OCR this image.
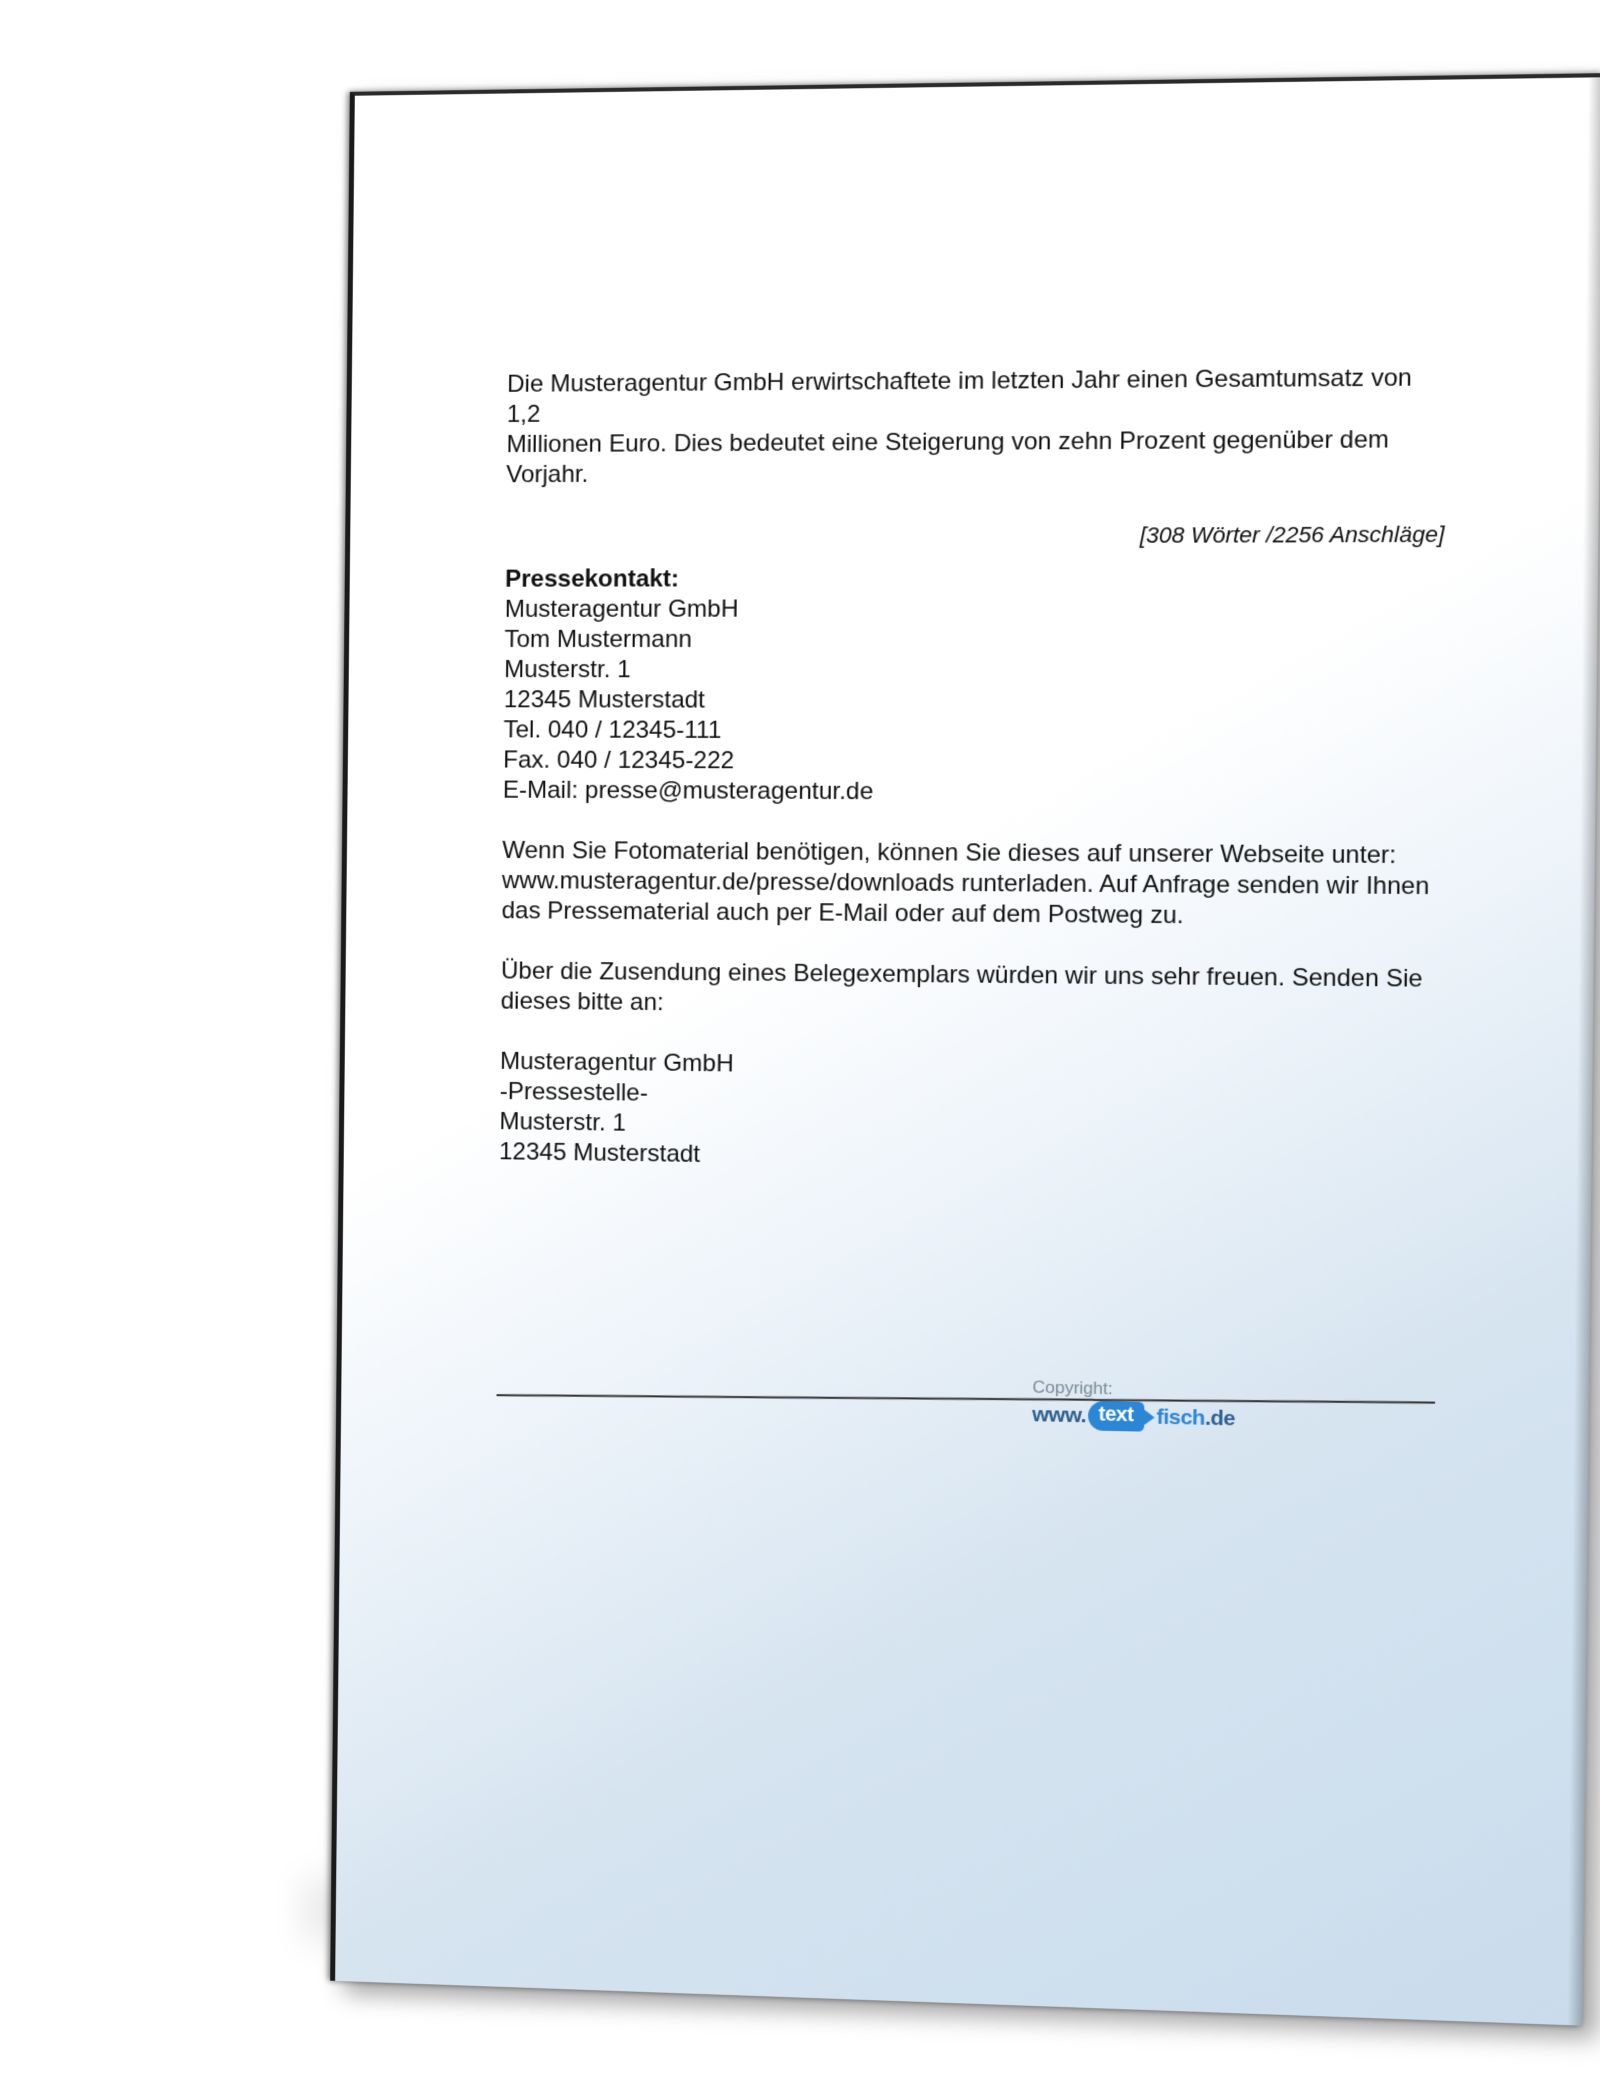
Die Musteragentur GmbH erwirtschaftete im letzten Jahr einen Gesamtumsatz von 1,2
Millionen Euro. Dies bedeutet eine Steigerung von zehn Prozent gegenüber dem
Vorjahr.

[308 Wörter /2256 Anschläge]
Pressekontakt:
Musteragentur GmbH
Tom Mustermann
Musterstr. 1
12345 Musterstadt
Tel. 040 / 12345-111
Fax. 040 / 12345-222
E-Mail: presse@musteragentur.de

Wenn Sie Fotomaterial benötigen, können Sie dieses auf unserer Webseite unter:
www.musteragentur.de/presse/downloads runterladen. Auf Anfrage senden wir Ihnen
das Pressematerial auch per E-Mail oder auf dem Postweg zu.

Über die Zusendung eines Belegexemplars würden wir uns sehr freuen. Senden Sie
dieses bitte an:

Musteragentur GmbH
-Pressestelle-
Musterstr. 1
12345 Musterstadt
Copyright:
www. text fisch .de
